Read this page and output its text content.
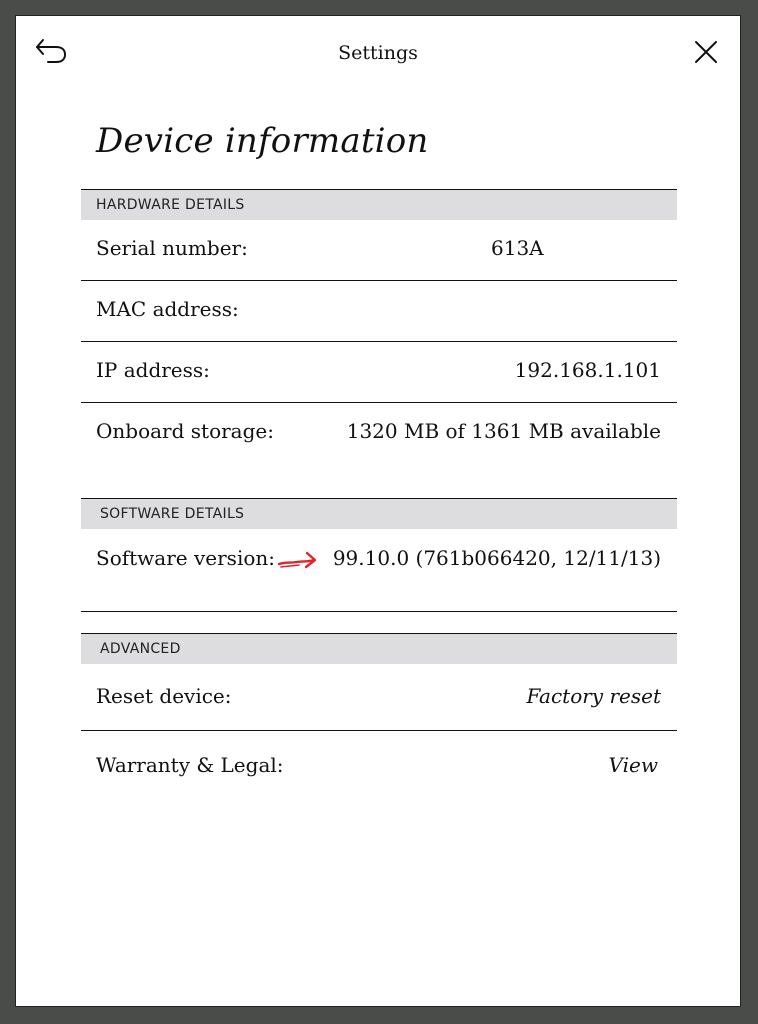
Settings
Device information
HARDWARE DETAILS
Serial number:	613A
MAC address:
IP address:	192.168.1.101
Onboard storage:	1320 MB of 1361 MB available
SOFTWARE DETAILS
Software version:	99.10.0 (761b066420, 12/11/13)
ADVANCED
Reset device:	Factory reset
Warranty & Legal:	View
